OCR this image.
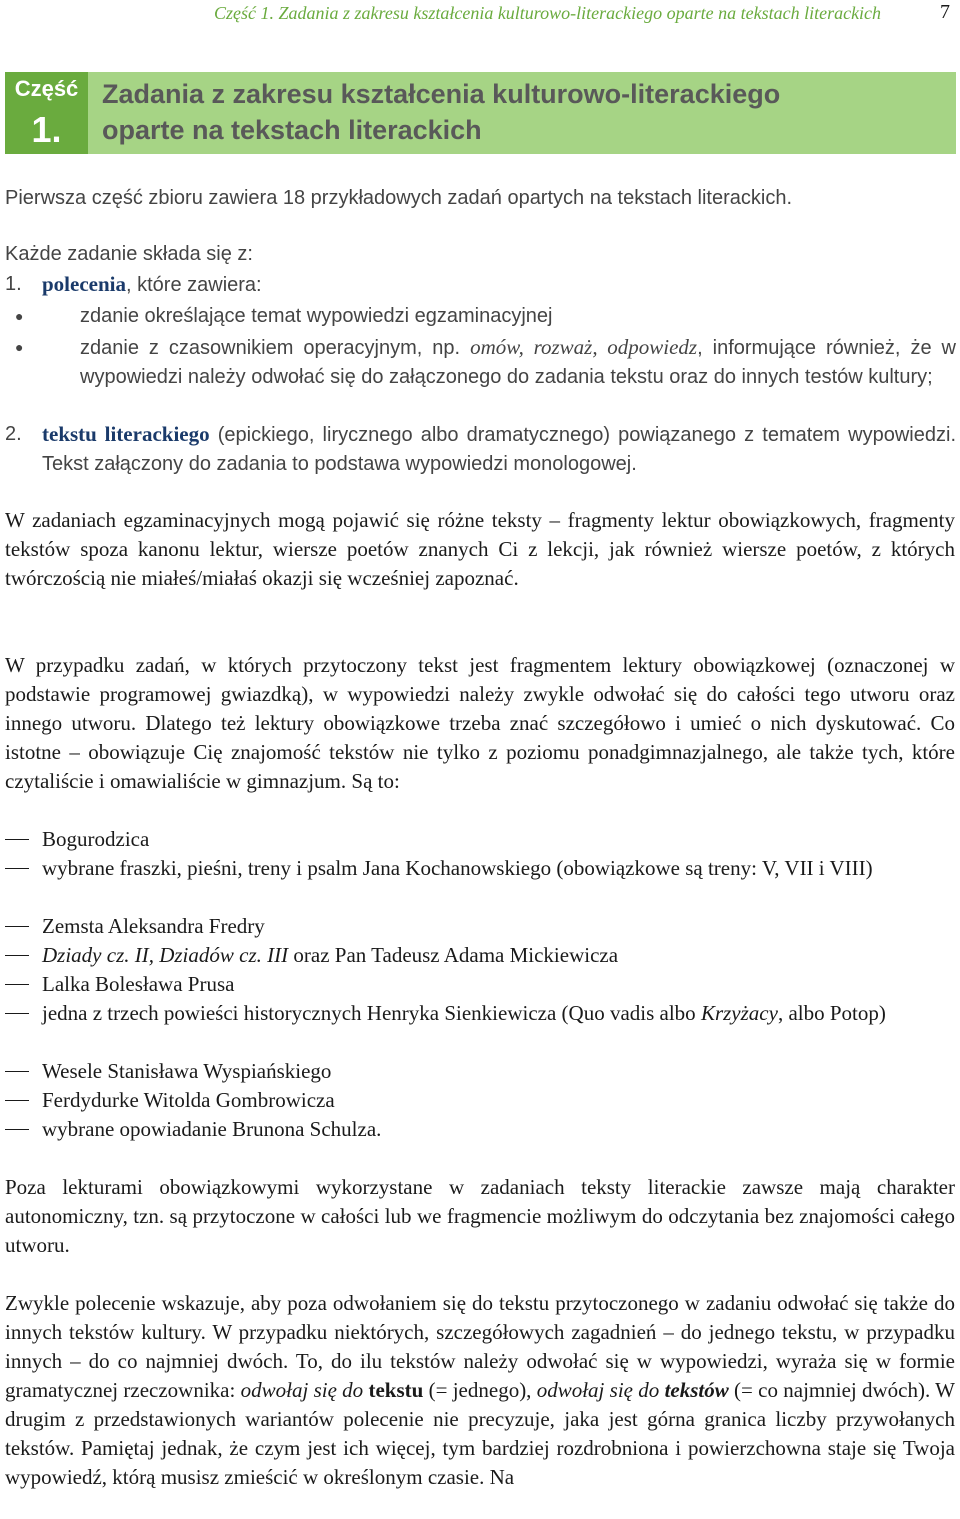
Część 1. Zadania z zakresu kształcenia kulturowo-literackiego oparte na tekstach literackich	7
Część
1.
Zadania z zakresu kształcenia kulturowo-literackiego
oparte na tekstach literackich
Pierwsza część zbioru zawiera 18 przykładowych zadań opartych na tekstach literackich.
Każde zadanie składa się z:
1. polecenia, które zawiera:
●	zdanie określające temat wypowiedzi egzaminacyjnej
●	zdanie z czasownikiem operacyjnym, np. omów, rozważ, odpowiedz, informujące również, że w wypowiedzi należy odwołać się do załączonego do zadania tekstu oraz do innych testów kultury;
2. tekstu literackiego (epickiego, lirycznego albo dramatycznego) powiązanego z tematem wypowiedzi. Tekst załączony do zadania to podstawa wypowiedzi monologowej.
W zadaniach egzaminacyjnych mogą pojawić się różne teksty – fragmenty lektur obowiązkowych, fragmenty tekstów spoza kanonu lektur, wiersze poetów znanych Ci z lekcji, jak również wiersze poetów, z których twórczością nie miałeś/miałaś okazji się wcześniej zapoznać.
W przypadku zadań, w których przytoczony tekst jest fragmentem lektury obowiązkowej (oznaczonej w podstawie programowej gwiazdką), w wypowiedzi należy zwykle odwołać się do całości tego utworu oraz innego utworu. Dlatego też lektury obowiązkowe trzeba znać szczegółowo i umieć o nich dyskutować. Co istotne – obowiązuje Cię znajomość tekstów nie tylko z poziomu ponadgimnazjalnego, ale także tych, które czytaliście i omawialiście w gimnazjum. Są to:
Bogurodzica
wybrane fraszki, pieśni, treny i psalm Jana Kochanowskiego (obowiązkowe są treny: V, VII i VIII)
Zemsta Aleksandra Fredry
Dziady cz. II, Dziadów cz. III oraz Pan Tadeusz Adama Mickiewicza
Lalka Bolesława Prusa
jedna z trzech powieści historycznych Henryka Sienkiewicza (Quo vadis albo Krzyżacy, albo Potop)
Wesele Stanisława Wyspiańskiego
Ferdydurke Witolda Gombrowicza
wybrane opowiadanie Brunona Schulza.
Poza lekturami obowiązkowymi wykorzystane w zadaniach teksty literackie zawsze mają charakter autonomiczny, tzn. są przytoczone w całości lub we fragmencie możliwym do odczytania bez znajomości całego utworu.
Zwykle polecenie wskazuje, aby poza odwołaniem się do tekstu przytoczonego w zadaniu odwołać się także do innych tekstów kultury. W przypadku niektórych, szczegółowych zagadnień – do jednego tekstu, w przypadku innych – do co najmniej dwóch. To, do ilu tekstów należy odwołać się w wypowiedzi, wyraża się w formie gramatycznej rzeczownika: odwołaj się do tekstu (= jednego), odwołaj się do tekstów (= co najmniej dwóch). W drugim z przedstawionych wariantów polecenie nie precyzuje, jaka jest górna granica liczby przywołanych tekstów. Pamiętaj jednak, że czym jest ich więcej, tym bardziej rozdrobniona i powierzchowna staje się Twoja wypowiedź, którą musisz zmieścić w określonym czasie. Na
